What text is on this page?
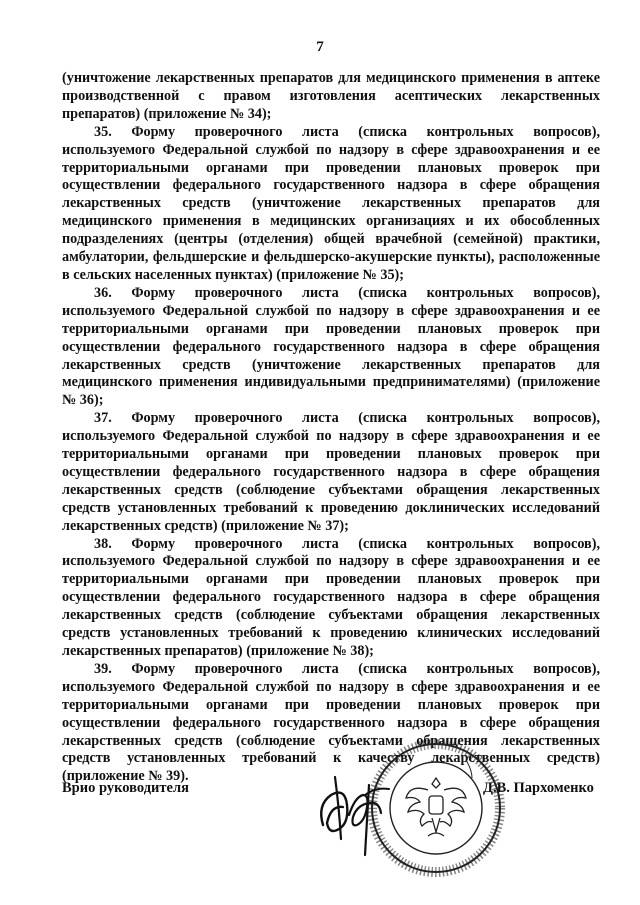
7

(уничтожение лекарственных препаратов для медицинского применения в аптеке производственной с правом изготовления асептических лекарственных препаратов) (приложение № 34);

35. Форму проверочного листа (списка контрольных вопросов), используемого Федеральной службой по надзору в сфере здравоохранения и ее территориальными органами при проведении плановых проверок при осуществлении федерального государственного надзора в сфере обращения лекарственных средств (уничтожение лекарственных препаратов для медицинского применения в медицинских организациях и их обособленных подразделениях (центры (отделения) общей врачебной (семейной) практики, амбулатории, фельдшерские и фельдшерско-акушерские пункты), расположенные в сельских населенных пунктах) (приложение № 35);

36. Форму проверочного листа (списка контрольных вопросов), используемого Федеральной службой по надзору в сфере здравоохранения и ее территориальными органами при проведении плановых проверок при осуществлении федерального государственного надзора в сфере обращения лекарственных средств (уничтожение лекарственных препаратов для медицинского применения индивидуальными предпринимателями) (приложение № 36);

37. Форму проверочного листа (списка контрольных вопросов), используемого Федеральной службой по надзору в сфере здравоохранения и ее территориальными органами при проведении плановых проверок при осуществлении федерального государственного надзора в сфере обращения лекарственных средств (соблюдение субъектами обращения лекарственных средств установленных требований к проведению доклинических исследований лекарственных средств) (приложение № 37);

38. Форму проверочного листа (списка контрольных вопросов), используемого Федеральной службой по надзору в сфере здравоохранения и ее территориальными органами при проведении плановых проверок при осуществлении федерального государственного надзора в сфере обращения лекарственных средств (соблюдение субъектами обращения лекарственных средств установленных требований к проведению клинических исследований лекарственных препаратов) (приложение № 38);

39. Форму проверочного листа (списка контрольных вопросов), используемого Федеральной службой по надзору в сфере здравоохранения и ее территориальными органами при проведении плановых проверок при осуществлении федерального государственного надзора в сфере обращения лекарственных средств (соблюдение субъектами обращения лекарственных средств установленных требований к качеству лекарственных средств) (приложение № 39).

Врио руководителя	Д.В. Пархоменко
